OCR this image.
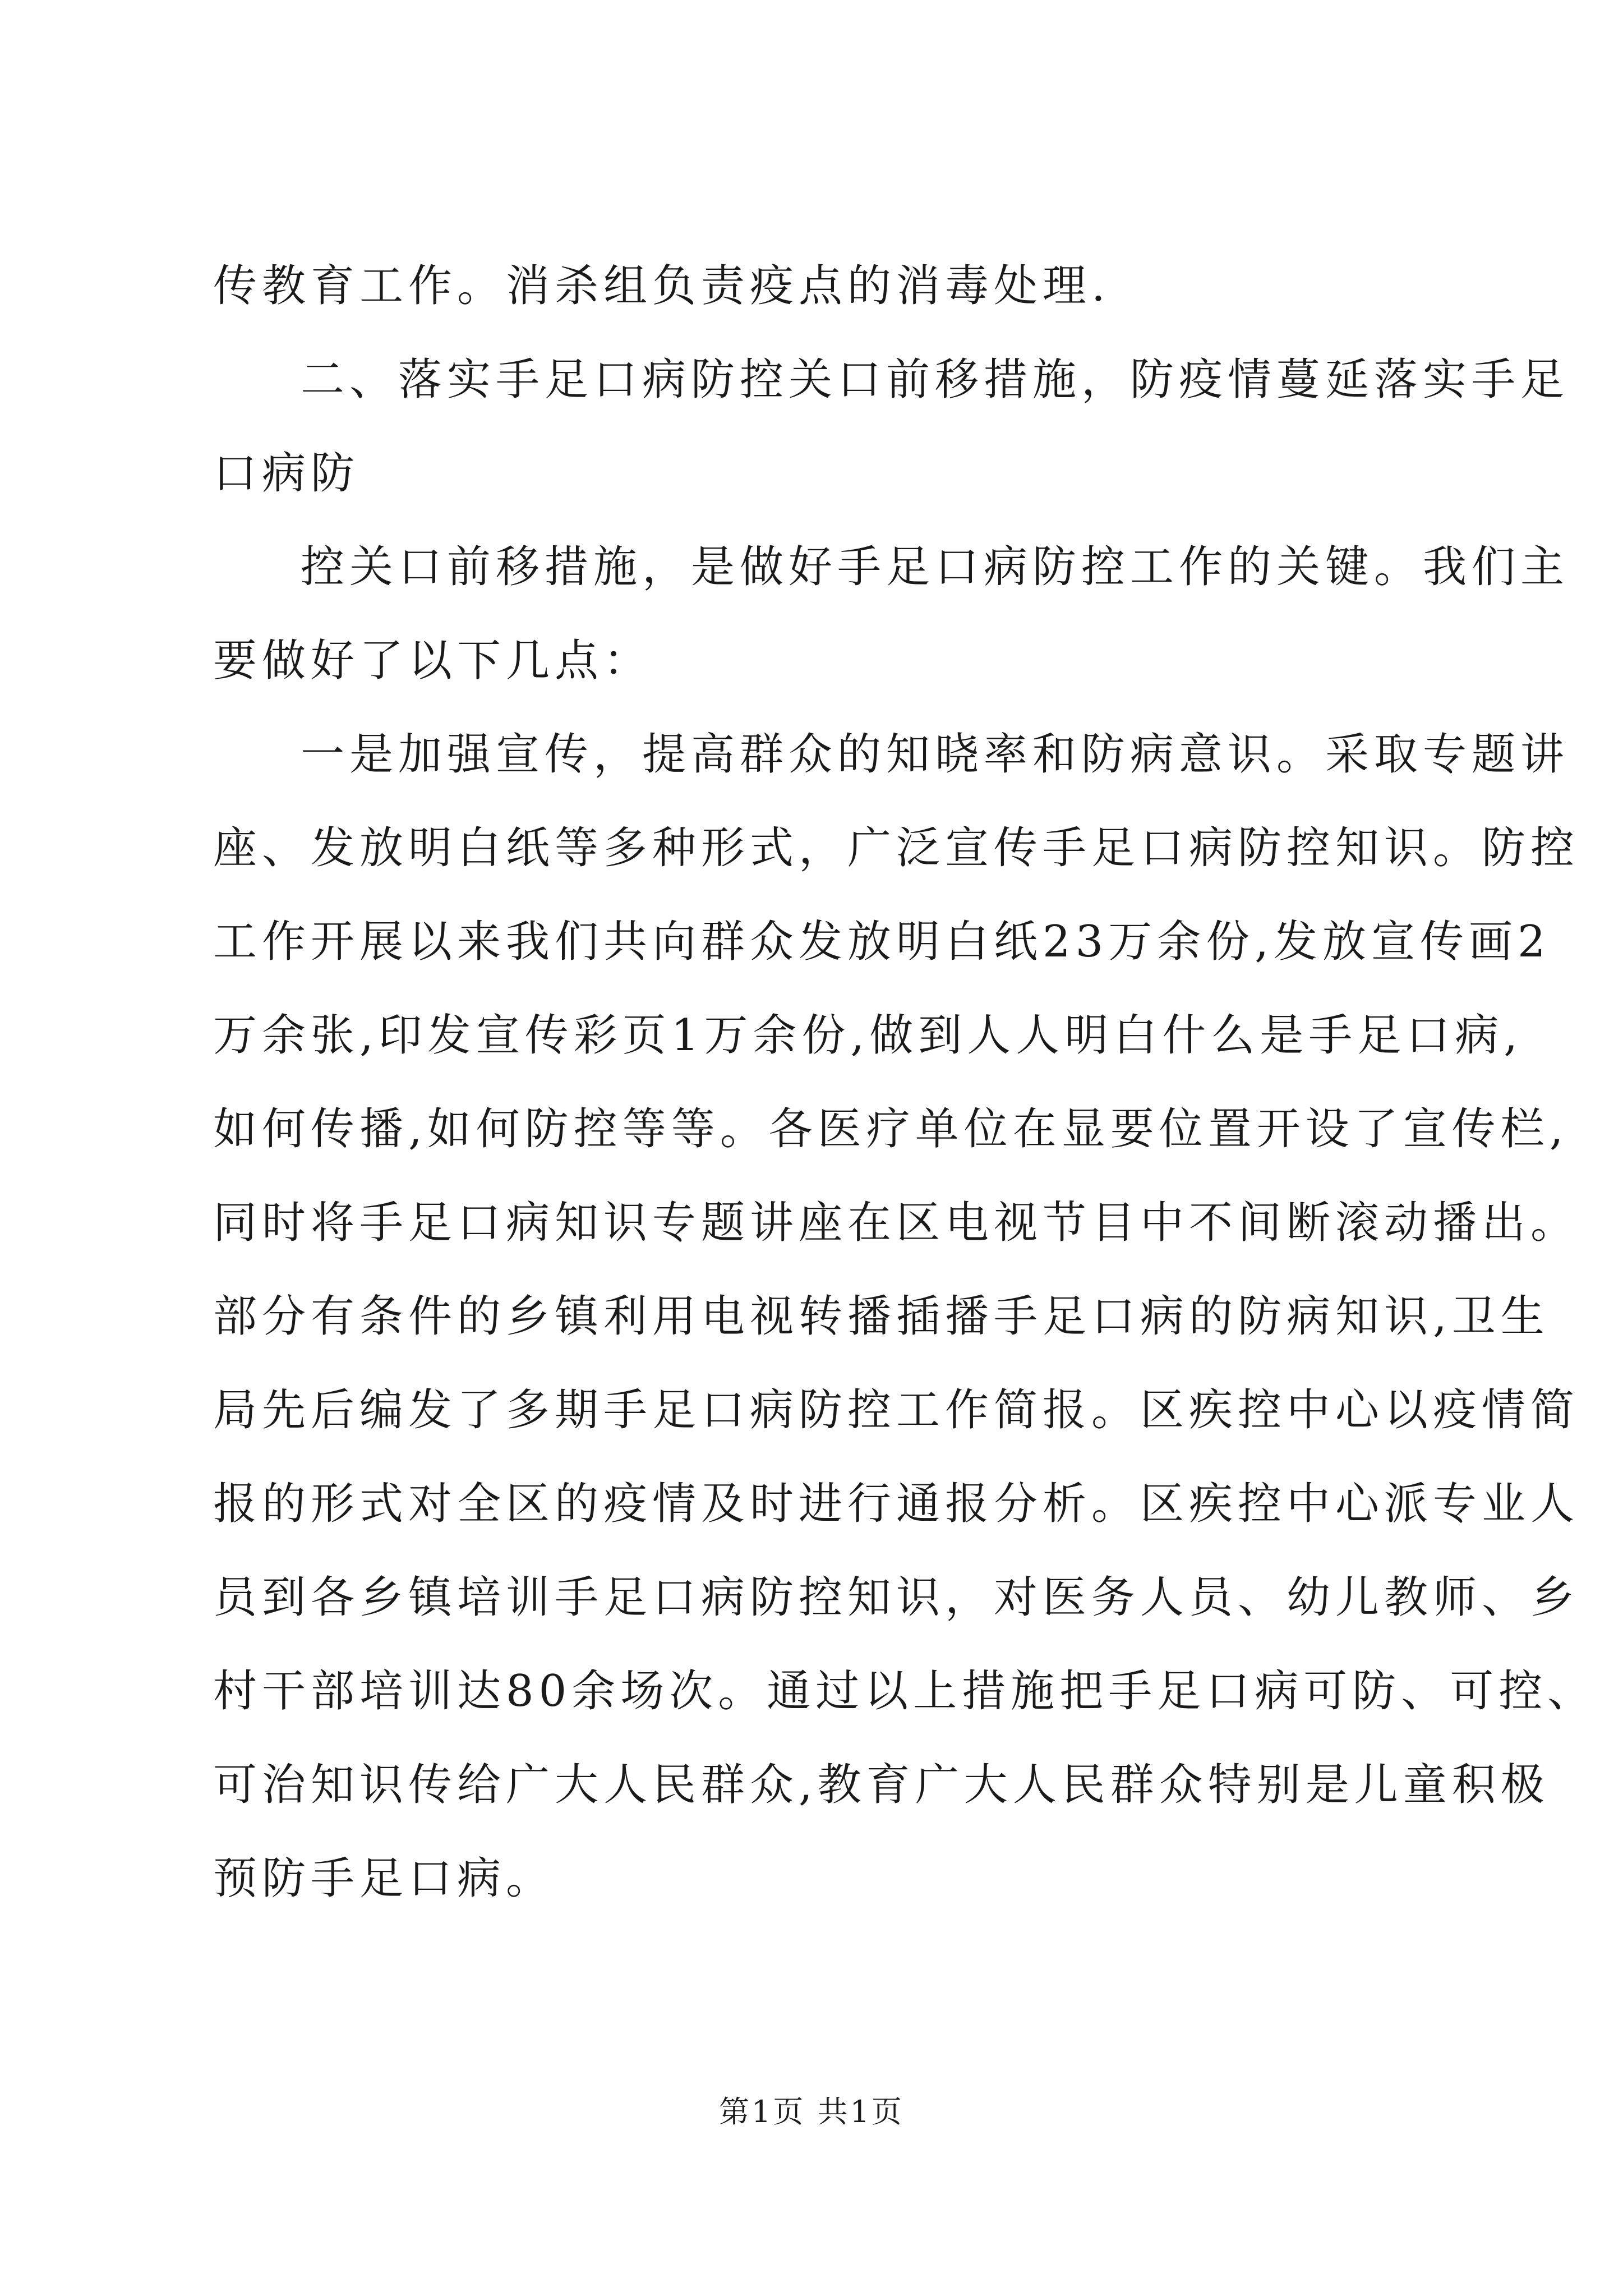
传教育工作。消杀组负责疫点的消毒处理.
二、落实手足口病防控关口前移措施，防疫情蔓延落实手足
口病防
控关口前移措施，是做好手足口病防控工作的关键。我们主
要做好了以下几点：
一是加强宣传，提高群众的知晓率和防病意识。采取专题讲
座、发放明白纸等多种形式，广泛宣传手足口病防控知识。防控
工作开展以来我们共向群众发放明白纸23万余份,发放宣传画2
万余张,印发宣传彩页1万余份,做到人人明白什么是手足口病,
如何传播,如何防控等等。各医疗单位在显要位置开设了宣传栏,
同时将手足口病知识专题讲座在区电视节目中不间断滚动播出。
部分有条件的乡镇利用电视转播插播手足口病的防病知识,卫生
局先后编发了多期手足口病防控工作简报。区疾控中心以疫情简
报的形式对全区的疫情及时进行通报分析。区疾控中心派专业人
员到各乡镇培训手足口病防控知识，对医务人员、幼儿教师、乡
村干部培训达80余场次。通过以上措施把手足口病可防、可控、
可治知识传给广大人民群众,教育广大人民群众特别是儿童积极
预防手足口病。
第1页 共1页
